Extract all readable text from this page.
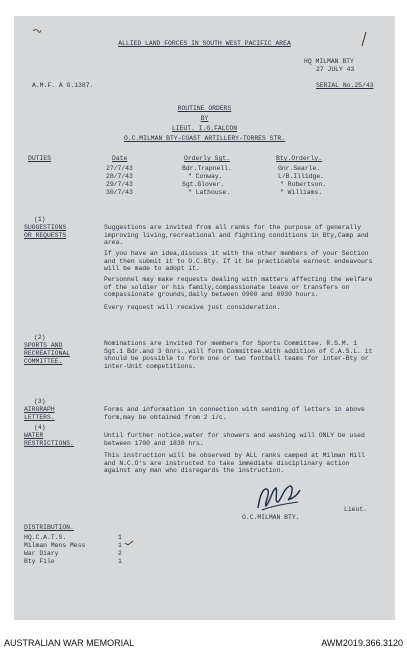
ALLIED LAND FORCES IN SOUTH WEST PACIFIC AREA
HQ MILMAN BTY
27 JULY 43
A.M.F. A G.1387.	SERIAL No.25/43
ROUTINE ORDERS
BY
LIEUT. I.G.FALCON
O.C.MILMAN BTY-COAST ARTILLERY-TORRES STR.
DUTIES	Date	Orderly Sgt.	Bty.Orderly.
27/7/43	Bdr.Trapnell.	Gnr.Searle.
28/7/43	" Conway.	L/B.Illidge.
29/7/43	Sgt.Glover.	" Robertson.
30/7/43	" Lathouse.	" Williams.
(1)
SUGGESTIONS
OR REQUESTS
Suggestions are invited from all ranks for the purpose of generally improving living,recreational and fighting conditions in Bty,Camp and area.
If you have an idea,discuss it with the other members of your Section and then submit it to O.C.Bty. If it be practicable earnest endeavours will be made to adopt it.
Personnel may make requests dealing with matters affecting the welfare of the soldier or his family,compassionate leave or transfers on compassionate grounds,daily between 0900 and 0930 hours.
Every request will receive just consideration.
(2)
SPORTS AND
RECREATIONAL
COMMITTEE.
Nominations are invited for members for Sports Committee. R.S.M. 1 Sgt.1 Bdr.and 3 Gnrs.,will form Committee.With addition of C.A.S.L. it should be possible to form one or two football teams for inter-Bty or inter-Unit competitions.
(3)
AIRGRAPH
LETTERS.
Forms and information in connection with sending of letters in above form,may be obtained from 2 i/c.
(4)
WATER
RESTRICTIONS.
Until further notice,water for showers and washing will ONLY be used between 1700 and 1830 hrs.
This instruction will be observed by ALL ranks camped at Milman Hill and N.C.O's are instructed to take immediate disciplinary action against any man who disregards the instruction.
Lieut.
O.C.MILMAN BTY.
DISTRIBUTION.
HQ.C.A.T.S.	1
Milman Mens Mess	1
War Diary	2
Bty File	1
AUSTRALIAN WAR MEMORIAL	AWM2019.366.3120
